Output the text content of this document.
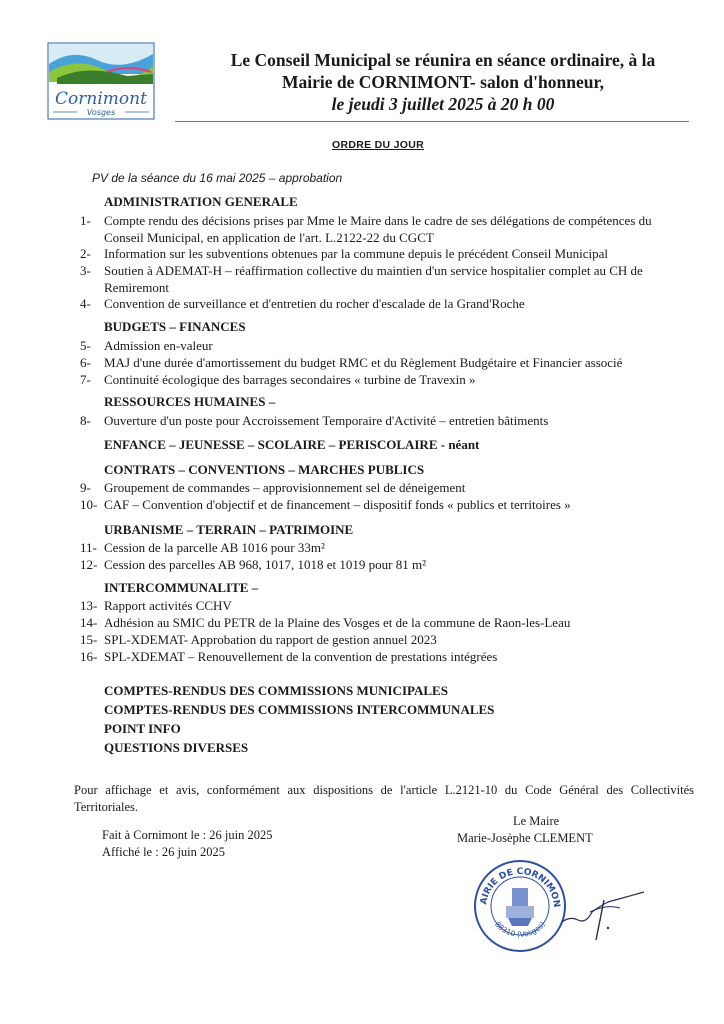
Cornimont
Vosges
Le Conseil Municipal se réunira en séance ordinaire, à la
Mairie de CORNIMONT- salon d'honneur,
le jeudi 3 juillet 2025 à 20 h 00
ORDRE DU JOUR
PV de la séance du 16 mai 2025 – approbation
ADMINISTRATION GENERALE
BUDGETS – FINANCES
RESSOURCES HUMAINES –
ENFANCE – JEUNESSE – SCOLAIRE – PERISCOLAIRE - néant
CONTRATS – CONVENTIONS – MARCHES PUBLICS
URBANISME – TERRAIN – PATRIMOINE
INTERCOMMUNALITE –
1- Compte rendu des décisions prises par Mme le Maire dans le cadre de ses délégations de compétences du Conseil Municipal, en application de l'art. L.2122-22 du CGCT
2- Information sur les subventions obtenues par la commune depuis le précédent Conseil Municipal
3- Soutien à ADEMAT-H – réaffirmation collective du maintien d'un service hospitalier complet au CH de Remiremont
4- Convention de surveillance et d'entretien du rocher d'escalade de la Grand'Roche
5- Admission en-valeur
6- MAJ d'une durée d'amortissement du budget RMC et du Règlement Budgétaire et Financier associé
7- Continuité écologique des barrages secondaires « turbine de Travexin »
8- Ouverture d'un poste pour Accroissement Temporaire d'Activité – entretien bâtiments
9- Groupement de commandes – approvisionnement sel de déneigement
10- CAF – Convention d'objectif et de financement – dispositif fonds « publics et territoires »
11- Cession de la parcelle AB 1016 pour 33m²
12- Cession des parcelles AB 968, 1017, 1018 et 1019 pour 81 m²
13- Rapport activités CCHV
14- Adhésion au SMIC du PETR de la Plaine des Vosges et de la commune de Raon-les-Leau
15- SPL-XDEMAT- Approbation du rapport de gestion annuel 2023
16- SPL-XDEMAT – Renouvellement de la convention de prestations intégrées
COMPTES-RENDUS DES COMMISSIONS MUNICIPALES
COMPTES-RENDUS DES COMMISSIONS INTERCOMMUNALES
POINT INFO
QUESTIONS DIVERSES
Pour affichage et avis, conformément aux dispositions de l'article L.2121-10 du Code Général des Collectivités Territoriales.
Le Maire
Marie-Josèphe CLEMENT
Fait à Cornimont le : 26 juin 2025
Affiché le : 26 juin 2025
AIRIE DE CORNIMON
88310 (Vosges)
